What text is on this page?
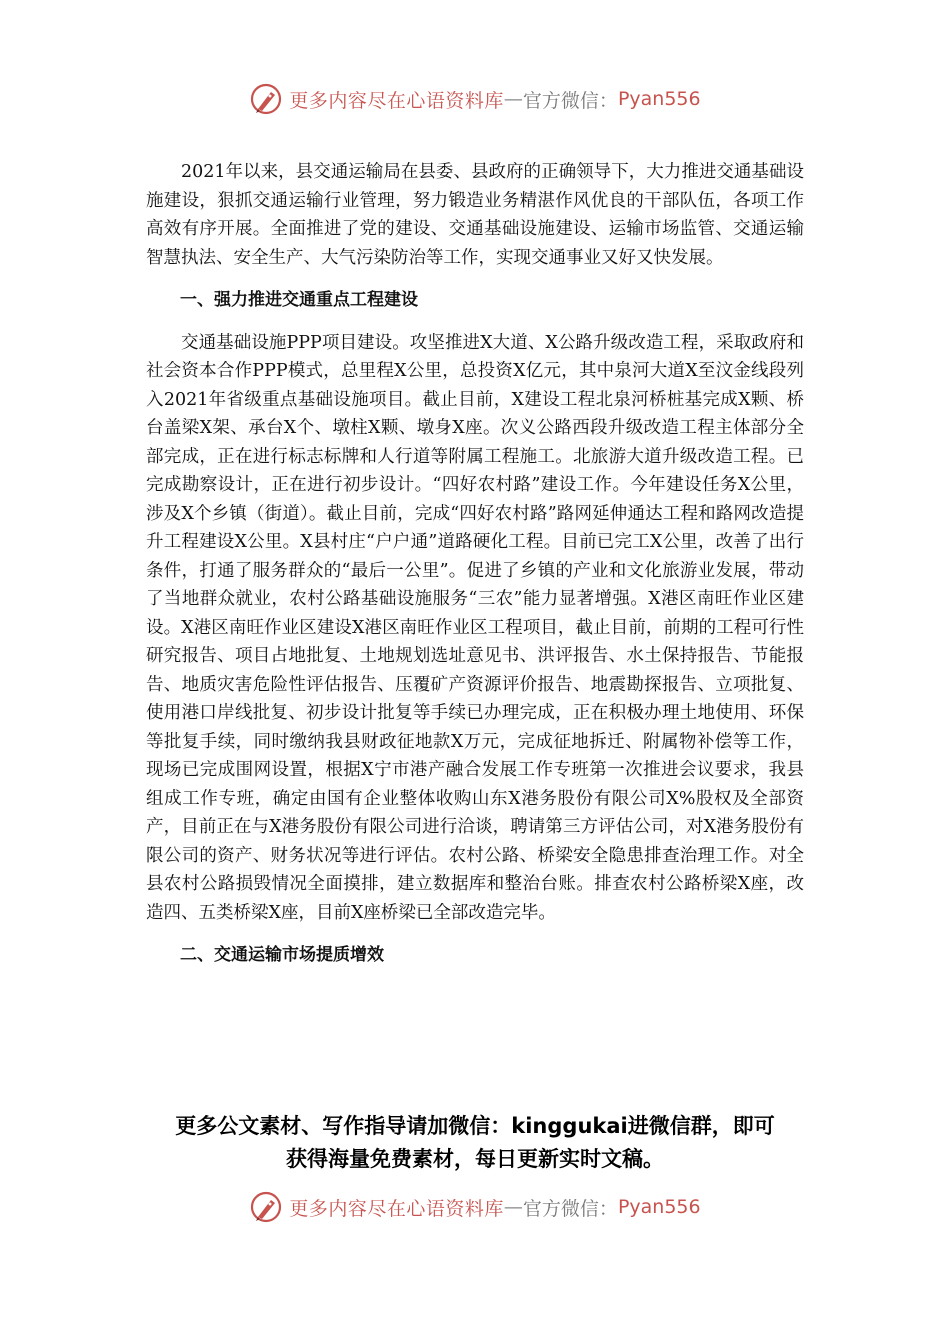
更多内容尽在心语资料库 — 官方微信： Pyan556

2021年以来，县交通运输局在县委、县政府的正确领导下，大力推进交通基础设施建设，狠抓交通运输行业管理，努力锻造业务精湛作风优良的干部队伍，各项工作高效有序开展。全面推进了党的建设、交通基础设施建设、运输市场监管、交通运输智慧执法、安全生产、大气污染防治等工作，实现交通事业又好又快发展。

一、强力推进交通重点工程建设

交通基础设施PPP项目建设。攻坚推进X大道、X公路升级改造工程，采取政府和社会资本合作PPP模式，总里程X公里，总投资X亿元，其中泉河大道X至汶金线段列入2021年省级重点基础设施项目。截止目前，X建设工程北泉河桥桩基完成X颗、桥台盖梁X架、承台X个、墩柱X颗、墩身X座。次义公路西段升级改造工程主体部分全部完成，正在进行标志标牌和人行道等附属工程施工。北旅游大道升级改造工程。已完成勘察设计，正在进行初步设计。“四好农村路”建设工作。今年建设任务X公里，涉及X个乡镇（街道）。截止目前，完成“四好农村路”路网延伸通达工程和路网改造提升工程建设X公里。X县村庄“户户通”道路硬化工程。目前已完工X公里，改善了出行条件，打通了服务群众的“最后一公里”。促进了乡镇的产业和文化旅游业发展，带动了当地群众就业，农村公路基础设施服务“三农”能力显著增强。X港区南旺作业区建设。X港区南旺作业区建设X港区南旺作业区工程项目，截止目前，前期的工程可行性研究报告、项目占地批复、土地规划选址意见书、洪评报告、水土保持报告、节能报告、地质灾害危险性评估报告、压覆矿产资源评价报告、地震勘探报告、立项批复、使用港口岸线批复、初步设计批复等手续已办理完成，正在积极办理土地使用、环保等批复手续，同时缴纳我县财政征地款X万元，完成征地拆迁、附属物补偿等工作，现场已完成围网设置，根据X宁市港产融合发展工作专班第一次推进会议要求，我县组成工作专班，确定由国有企业整体收购山东X港务股份有限公司X%股权及全部资产，目前正在与X港务股份有限公司进行洽谈，聘请第三方评估公司，对X港务股份有限公司的资产、财务状况等进行评估。农村公路、桥梁安全隐患排查治理工作。对全县农村公路损毁情况全面摸排，建立数据库和整治台账。排查农村公路桥梁X座，改造四、五类桥梁X座，目前X座桥梁已全部改造完毕。

二、交通运输市场提质增效
更多公文素材、写作指导请加微信：kinggukai进微信群，即可
获得海量免费素材，每日更新实时文稿。
更多内容尽在心语资料库 — 官方微信： Pyan556
